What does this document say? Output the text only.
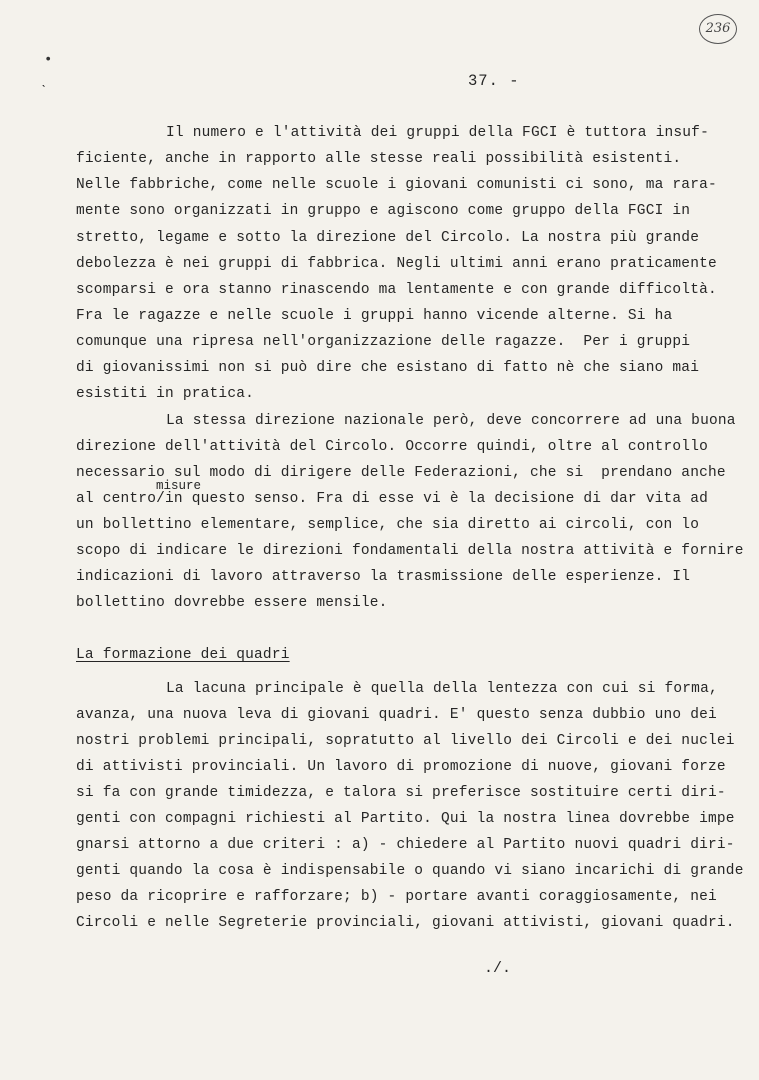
236
•
ˋ
37. -
Il numero e l'attività dei gruppi della FGCI è tuttora insuf-
ficiente, anche in rapporto alle stesse reali possibilità esistenti.
Nelle fabbriche, come nelle scuole i giovani comunisti ci sono, ma rara-
mente sono organizzati in gruppo e agiscono come gruppo della FGCI in
stretto, legame e sotto la direzione del Circolo. La nostra più grande
debolezza è nei gruppi di fabbrica. Negli ultimi anni erano praticamente
scomparsi e ora stanno rinascendo ma lentamente e con grande difficoltà.
Fra le ragazze e nelle scuole i gruppi hanno vicende alterne. Si ha
comunque una ripresa nell'organizzazione delle ragazze.  Per i gruppi
di giovanissimi non si può dire che esistano di fatto nè che siano mai
esistiti in pratica.
La stessa direzione nazionale però, deve concorrere ad una buona
direzione dell'attività del Circolo. Occorre quindi, oltre al controllo
necessario sul modo di dirigere delle Federazioni, che si  prendano anche
misure
al centro/in questo senso. Fra di esse vi è la decisione di dar vita ad
un bollettino elementare, semplice, che sia diretto ai circoli, con lo
scopo di indicare le direzioni fondamentali della nostra attività e fornire
indicazioni di lavoro attraverso la trasmissione delle esperienze. Il
bollettino dovrebbe essere mensile.
La formazione dei quadri
La lacuna principale è quella della lentezza con cui si forma,
avanza, una nuova leva di giovani quadri. E' questo senza dubbio uno dei
nostri problemi principali, sopratutto al livello dei Circoli e dei nuclei
di attivisti provinciali. Un lavoro di promozione di nuove, giovani forze
si fa con grande timidezza, e talora si preferisce sostituire certi diri-
genti con compagni richiesti al Partito. Qui la nostra linea dovrebbe impe
gnarsi attorno a due criteri : a) - chiedere al Partito nuovi quadri diri-
genti quando la cosa è indispensabile o quando vi siano incarichi di grande
peso da ricoprire e rafforzare; b) - portare avanti coraggiosamente, nei
Circoli e nelle Segreterie provinciali, giovani attivisti, giovani quadri.
./.
